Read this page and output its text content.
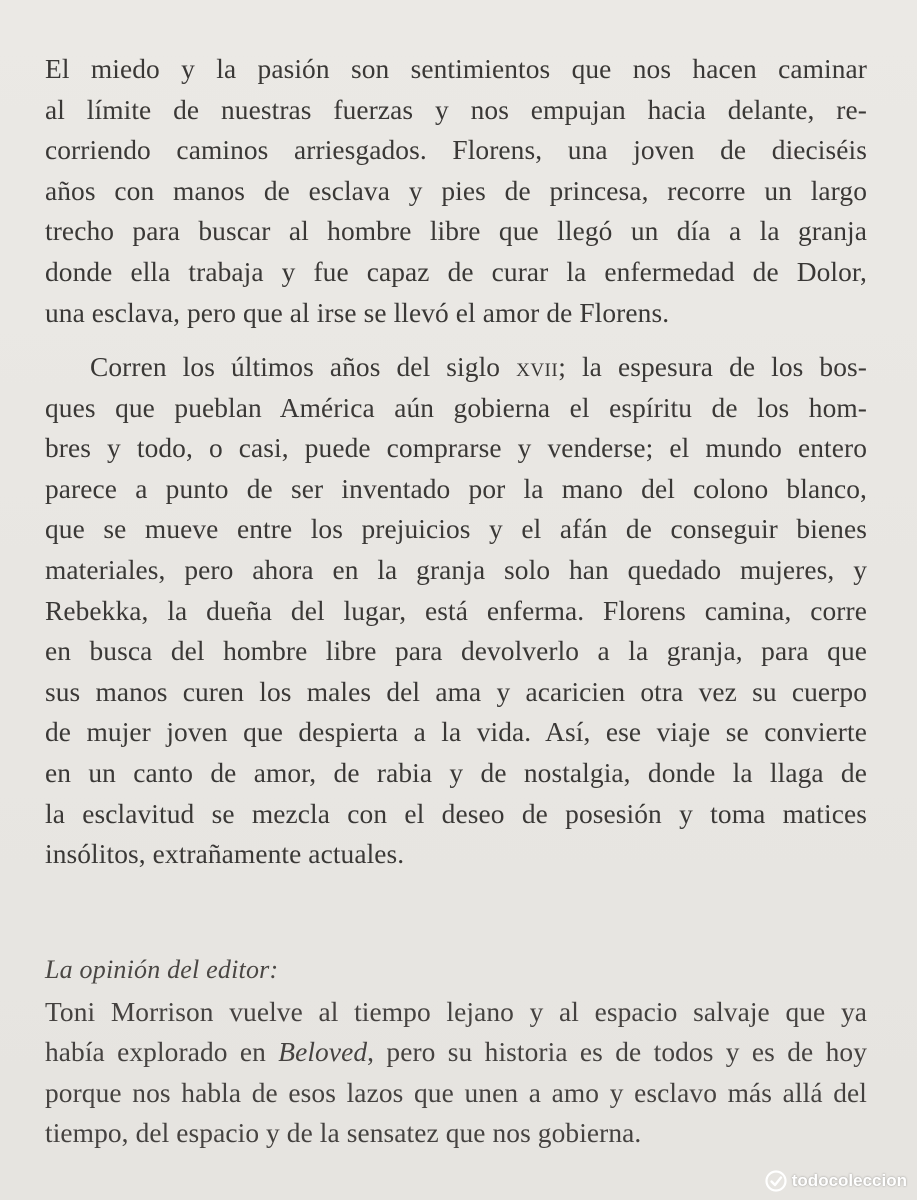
El miedo y la pasión son sentimientos que nos hacen caminar
al límite de nuestras fuerzas y nos empujan hacia delante, re-
corriendo caminos arriesgados. Florens, una joven de dieciséis
años con manos de esclava y pies de princesa, recorre un largo
trecho para buscar al hombre libre que llegó un día a la granja
donde ella trabaja y fue capaz de curar la enfermedad de Dolor,
una esclava, pero que al irse se llevó el amor de Florens.
Corren los últimos años del siglo xvii; la espesura de los bos-
ques que pueblan América aún gobierna el espíritu de los hom-
bres y todo, o casi, puede comprarse y venderse; el mundo entero
parece a punto de ser inventado por la mano del colono blanco,
que se mueve entre los prejuicios y el afán de conseguir bienes
materiales, pero ahora en la granja solo han quedado mujeres, y
Rebekka, la dueña del lugar, está enferma. Florens camina, corre
en busca del hombre libre para devolverlo a la granja, para que
sus manos curen los males del ama y acaricien otra vez su cuerpo
de mujer joven que despierta a la vida. Así, ese viaje se convierte
en un canto de amor, de rabia y de nostalgia, donde la llaga de
la esclavitud se mezcla con el deseo de posesión y toma matices
insólitos, extrañamente actuales.
La opinión del editor:
Toni Morrison vuelve al tiempo lejano y al espacio salvaje que ya
había explorado en Beloved, pero su historia es de todos y es de hoy
porque nos habla de esos lazos que unen a amo y esclavo más allá del
tiempo, del espacio y de la sensatez que nos gobierna.
todocoleccion
